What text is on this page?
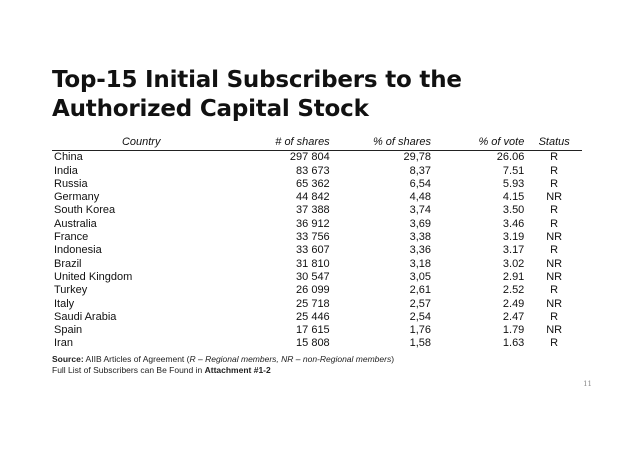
Top-15 Initial Subscribers to the
Authorized Capital Stock
Country	# of shares	% of shares	% of vote	Status
China	297 804	29,78	26.06	R
India	83 673	8,37	7.51	R
Russia	65 362	6,54	5.93	R
Germany	44 842	4,48	4.15	NR
South Korea	37 388	3,74	3.50	R
Australia	36 912	3,69	3.46	R
France	33 756	3,38	3.19	NR
Indonesia	33 607	3,36	3.17	R
Brazil	31 810	3,18	3.02	NR
United Kingdom	30 547	3,05	2.91	NR
Turkey	26 099	2,61	2.52	R
Italy	25 718	2,57	2.49	NR
Saudi Arabia	25 446	2,54	2.47	R
Spain	17 615	1,76	1.79	NR
Iran	15 808	1,58	1.63	R
Source: AIIB Articles of Agreement (R – Regional members, NR – non-Regional members)
Full List of Subscribers can Be Found in Attachment #1-2
11
